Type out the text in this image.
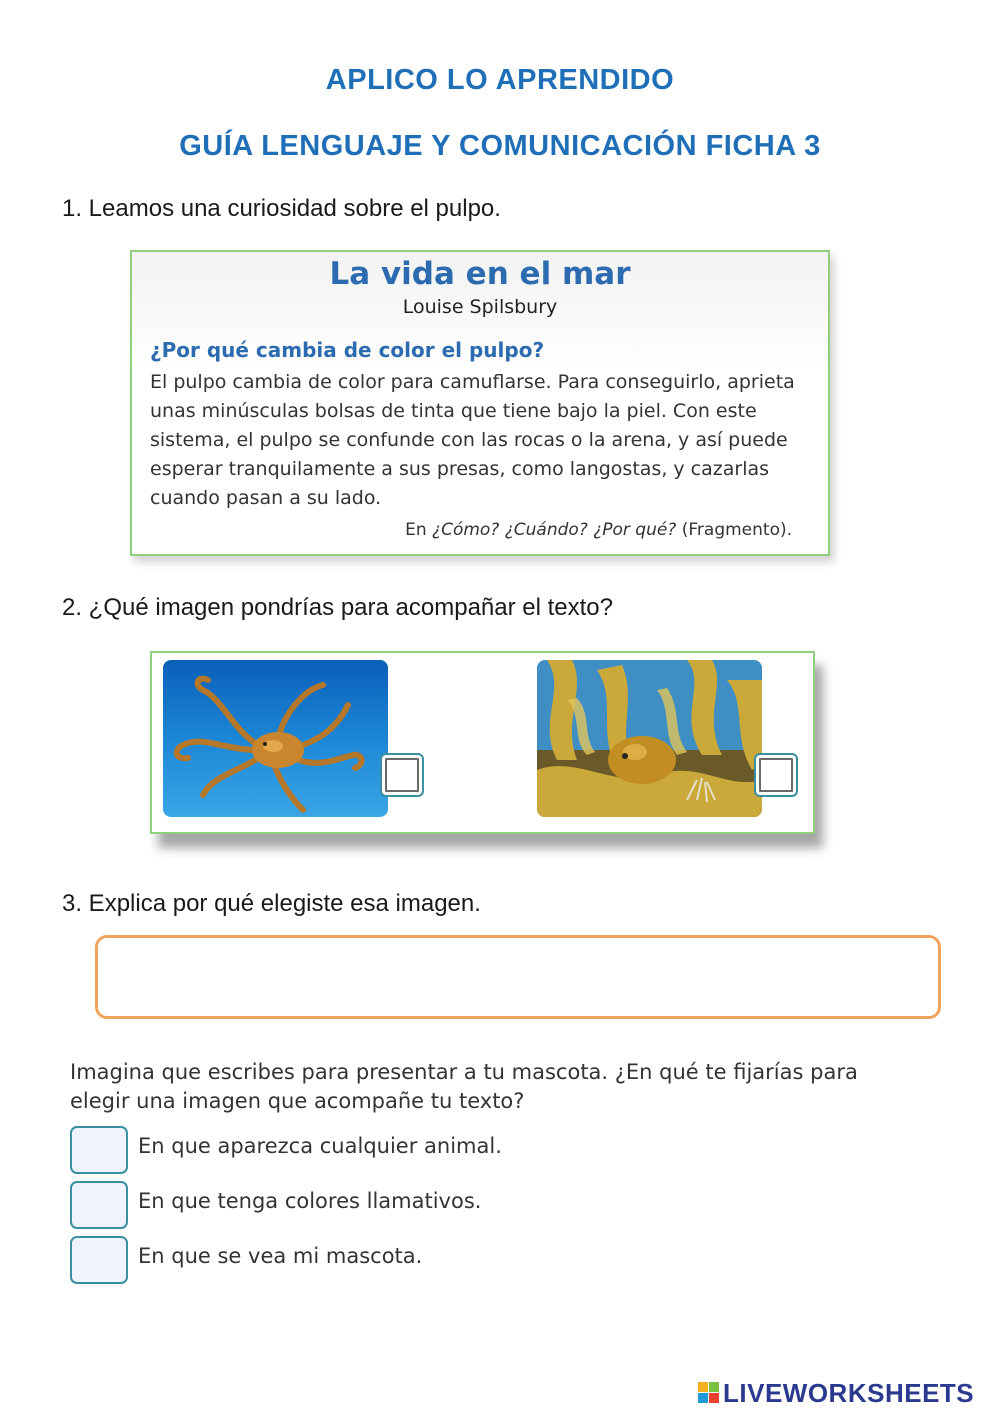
APLICO LO APRENDIDO
GUÍA LENGUAJE Y COMUNICACIÓN FICHA 3
1. Leamos una curiosidad sobre el pulpo.
La vida en el mar
Louise Spilsbury
¿Por qué cambia de color el pulpo?
El pulpo cambia de color para camuflarse. Para conseguirlo, aprieta
unas minúsculas bolsas de tinta que tiene bajo la piel. Con este
sistema, el pulpo se confunde con las rocas o la arena, y así puede
esperar tranquilamente a sus presas, como langostas, y cazarlas
cuando pasan a su lado.
En ¿Cómo? ¿Cuándo? ¿Por qué? (Fragmento).
2. ¿Qué imagen pondrías para acompañar el texto?
3. Explica por qué elegiste esa imagen.
Imagina que escribes para presentar a tu mascota. ¿En qué te fijarías para
elegir una imagen que acompañe tu texto?
En que aparezca cualquier animal.
En que tenga colores llamativos.
En que se vea mi mascota.
LIVEWORKSHEETS
